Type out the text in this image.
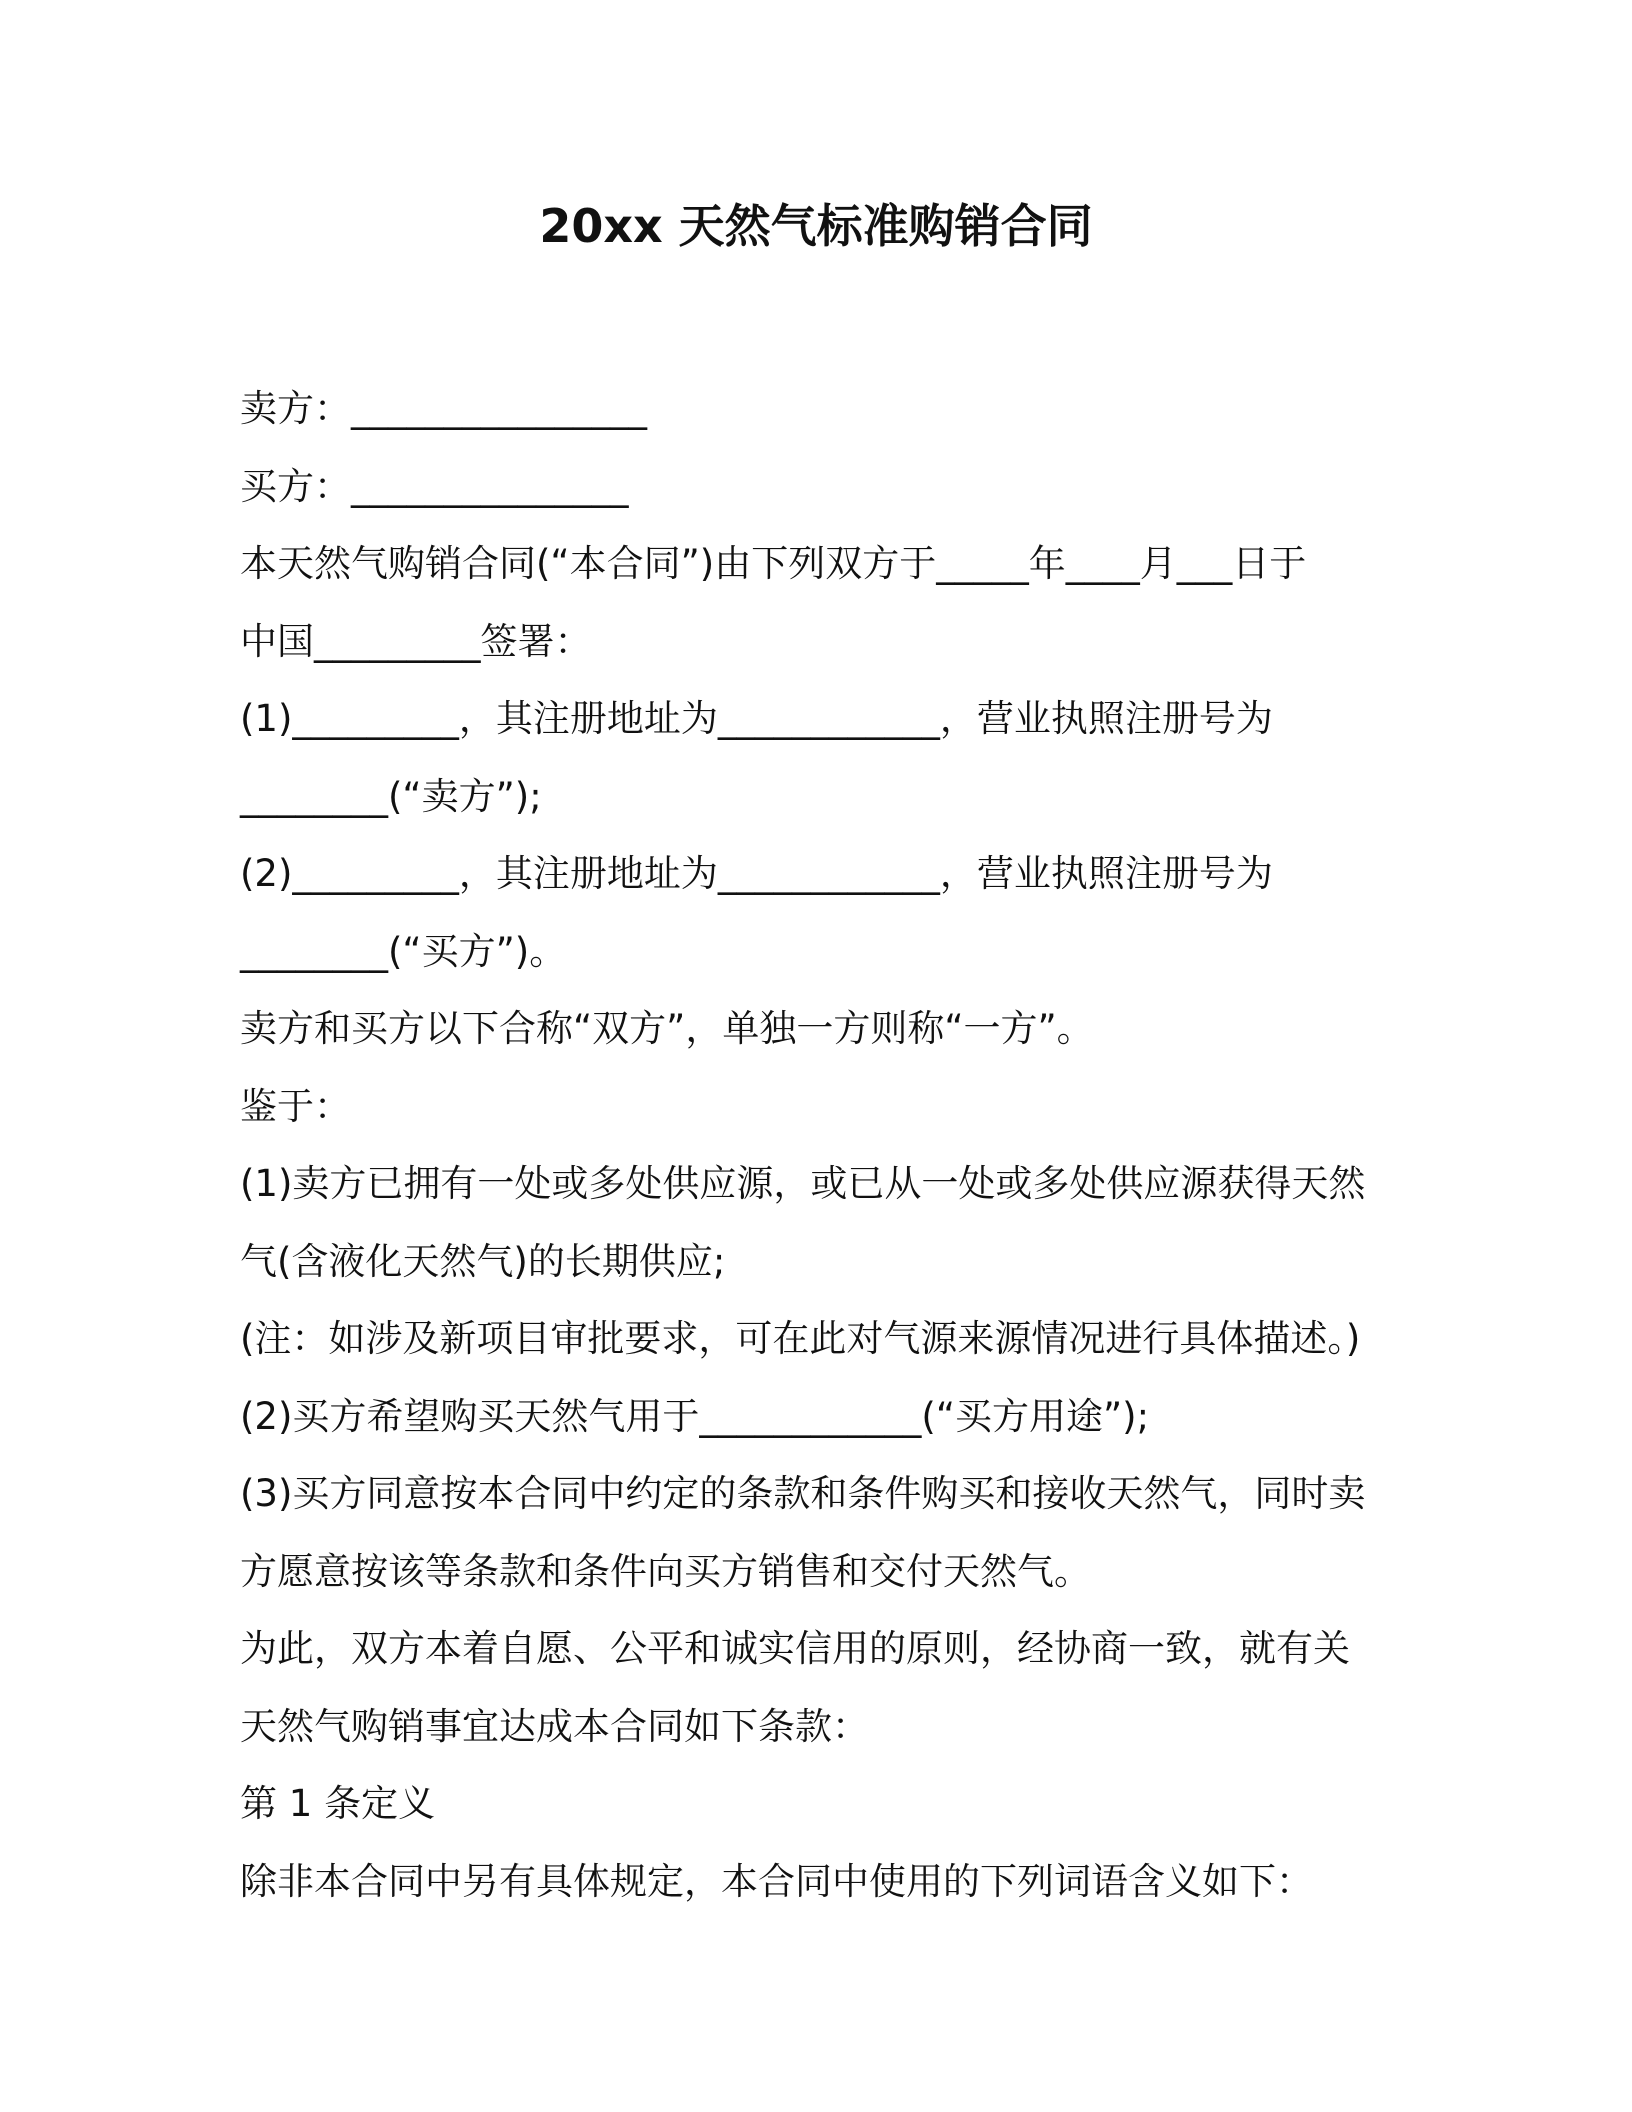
20xx 天然气标准购销合同
卖方：________________
买方：_______________
本天然气购销合同(“本合同”)由下列双方于_____年____月___日于
中国_________签署：
(1)_________，其注册地址为____________，营业执照注册号为
________(“卖方”);
(2)_________，其注册地址为____________，营业执照注册号为
________(“买方”)。
卖方和买方以下合称“双方”，单独一方则称“一方”。
鉴于：
(1)卖方已拥有一处或多处供应源，或已从一处或多处供应源获得天然
气(含液化天然气)的长期供应;
(注：如涉及新项目审批要求，可在此对气源来源情况进行具体描述。)
(2)买方希望购买天然气用于____________(“买方用途”);
(3)买方同意按本合同中约定的条款和条件购买和接收天然气，同时卖
方愿意按该等条款和条件向买方销售和交付天然气。
为此，双方本着自愿、公平和诚实信用的原则，经协商一致，就有关
天然气购销事宜达成本合同如下条款：
第 1 条定义
除非本合同中另有具体规定，本合同中使用的下列词语含义如下：
